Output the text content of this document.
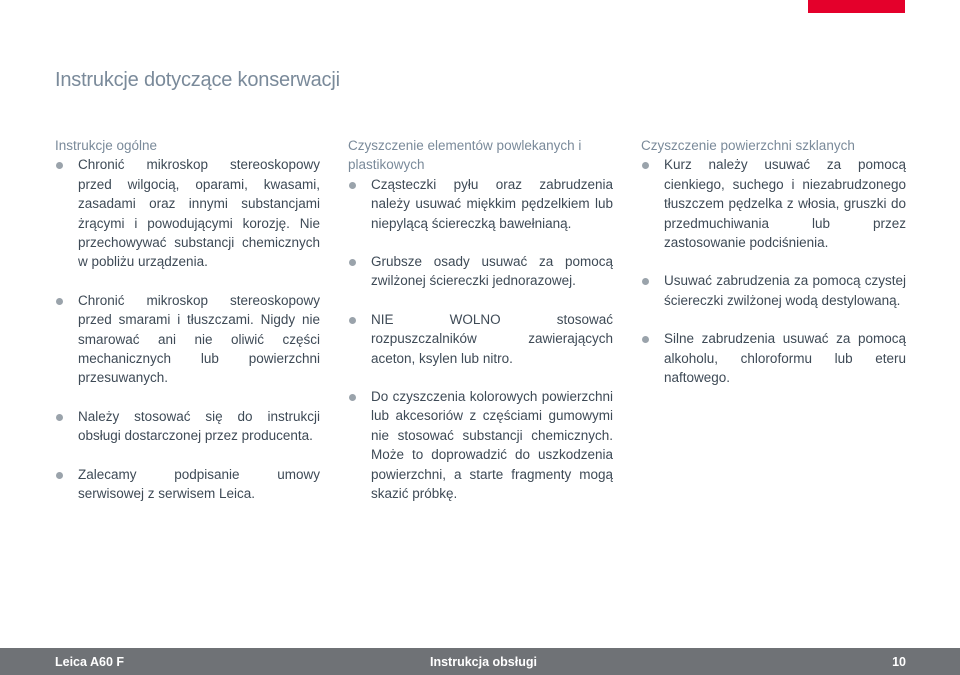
Instrukcje dotyczące konserwacji
Instrukcje ogólne
Chronić mikroskop stereoskopowy przed wilgocią, oparami, kwasami, zasadami oraz innymi substancjami żrącymi i powodującymi korozję. Nie przechowywać substancji chemicznych w pobliżu urządzenia.
Chronić mikroskop stereoskopowy przed smarami i tłuszczami. Nigdy nie smarować ani nie oliwić części mechanicznych lub powierzchni przesuwanych.
Należy stosować się do instrukcji obsługi dostarczonej przez producenta.
Zalecamy podpisanie umowy serwisowej z serwisem Leica.
Czyszczenie elementów powlekanych i plastikowych
Cząsteczki pyłu oraz zabrudzenia należy usuwać miękkim pędzelkiem lub niepylącą ściereczką bawełnianą.
Grubsze osady usuwać za pomocą zwilżonej ściereczki jednorazowej.
NIE WOLNO stosować rozpuszczalników zawierających aceton, ksylen lub nitro.
Do czyszczenia kolorowych powierzchni lub akcesoriów z częściami gumowymi nie stosować substancji chemicznych. Może to doprowadzić do uszkodzenia powierzchni, a starte fragmenty mogą skazić próbkę.
Czyszczenie powierzchni szklanych
Kurz należy usuwać za pomocą cienkiego, suchego i niezabrudzonego tłuszczem pędzelka z włosia, gruszki do przedmuchiwania lub przez zastosowanie podciśnienia.
Usuwać zabrudzenia za pomocą czystej ściereczki zwilżonej wodą destylowaną.
Silne zabrudzenia usuwać za pomocą alkoholu, chloroformu lub eteru naftowego.
Leica A60 F	Instrukcja obsługi	10
